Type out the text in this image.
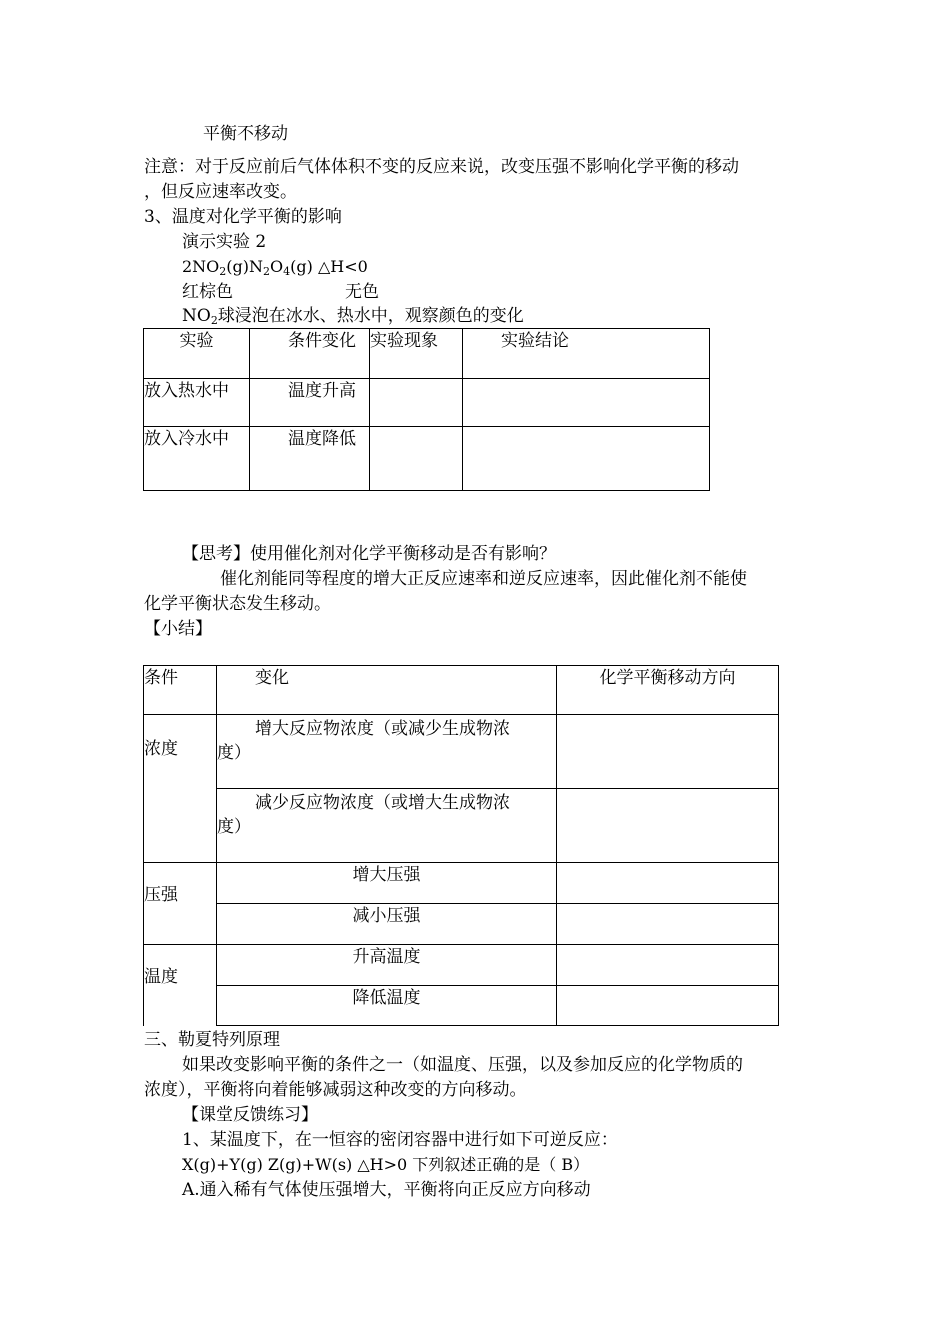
平衡不移动
注意：对于反应前后气体体积不变的反应来说，改变压强不影响化学平衡的移动
，但反应速率改变。
3、温度对化学平衡的影响
演示实验 2
$2NO_2(g)N_2O_4(g)$ △H<0
红棕色	无色
$NO_2$球浸泡在冰水、热水中，观察颜色的变化
实验	条件变化	实验现象	实验结论
放入热水中	温度升高		
放入冷水中	温度降低		
【思考】使用催化剂对化学平衡移动是否有影响？
催化剂能同等程度的增大正反应速率和逆反应速率，因此催化剂不能使
化学平衡状态发生移动。
【小结】
条件	变化	化学平衡移动方向
浓度	增大反应物浓度（或减少生成物浓
度）	

	减少反应物浓度（或增大生成物浓
度）	

压强	增大压强	
	减小压强	
温度	升高温度	
	降低温度	
三、勒夏特列原理
如果改变影响平衡的条件之一（如温度、压强，以及参加反应的化学物质的
浓度），平衡将向着能够减弱这种改变的方向移动。
【课堂反馈练习】
1、某温度下，在一恒容的密闭容器中进行如下可逆反应：
X(g)+Y(g) Z(g)+W(s) △H>0 下列叙述正确的是（ B）
A.通入稀有气体使压强增大，平衡将向正反应方向移动
